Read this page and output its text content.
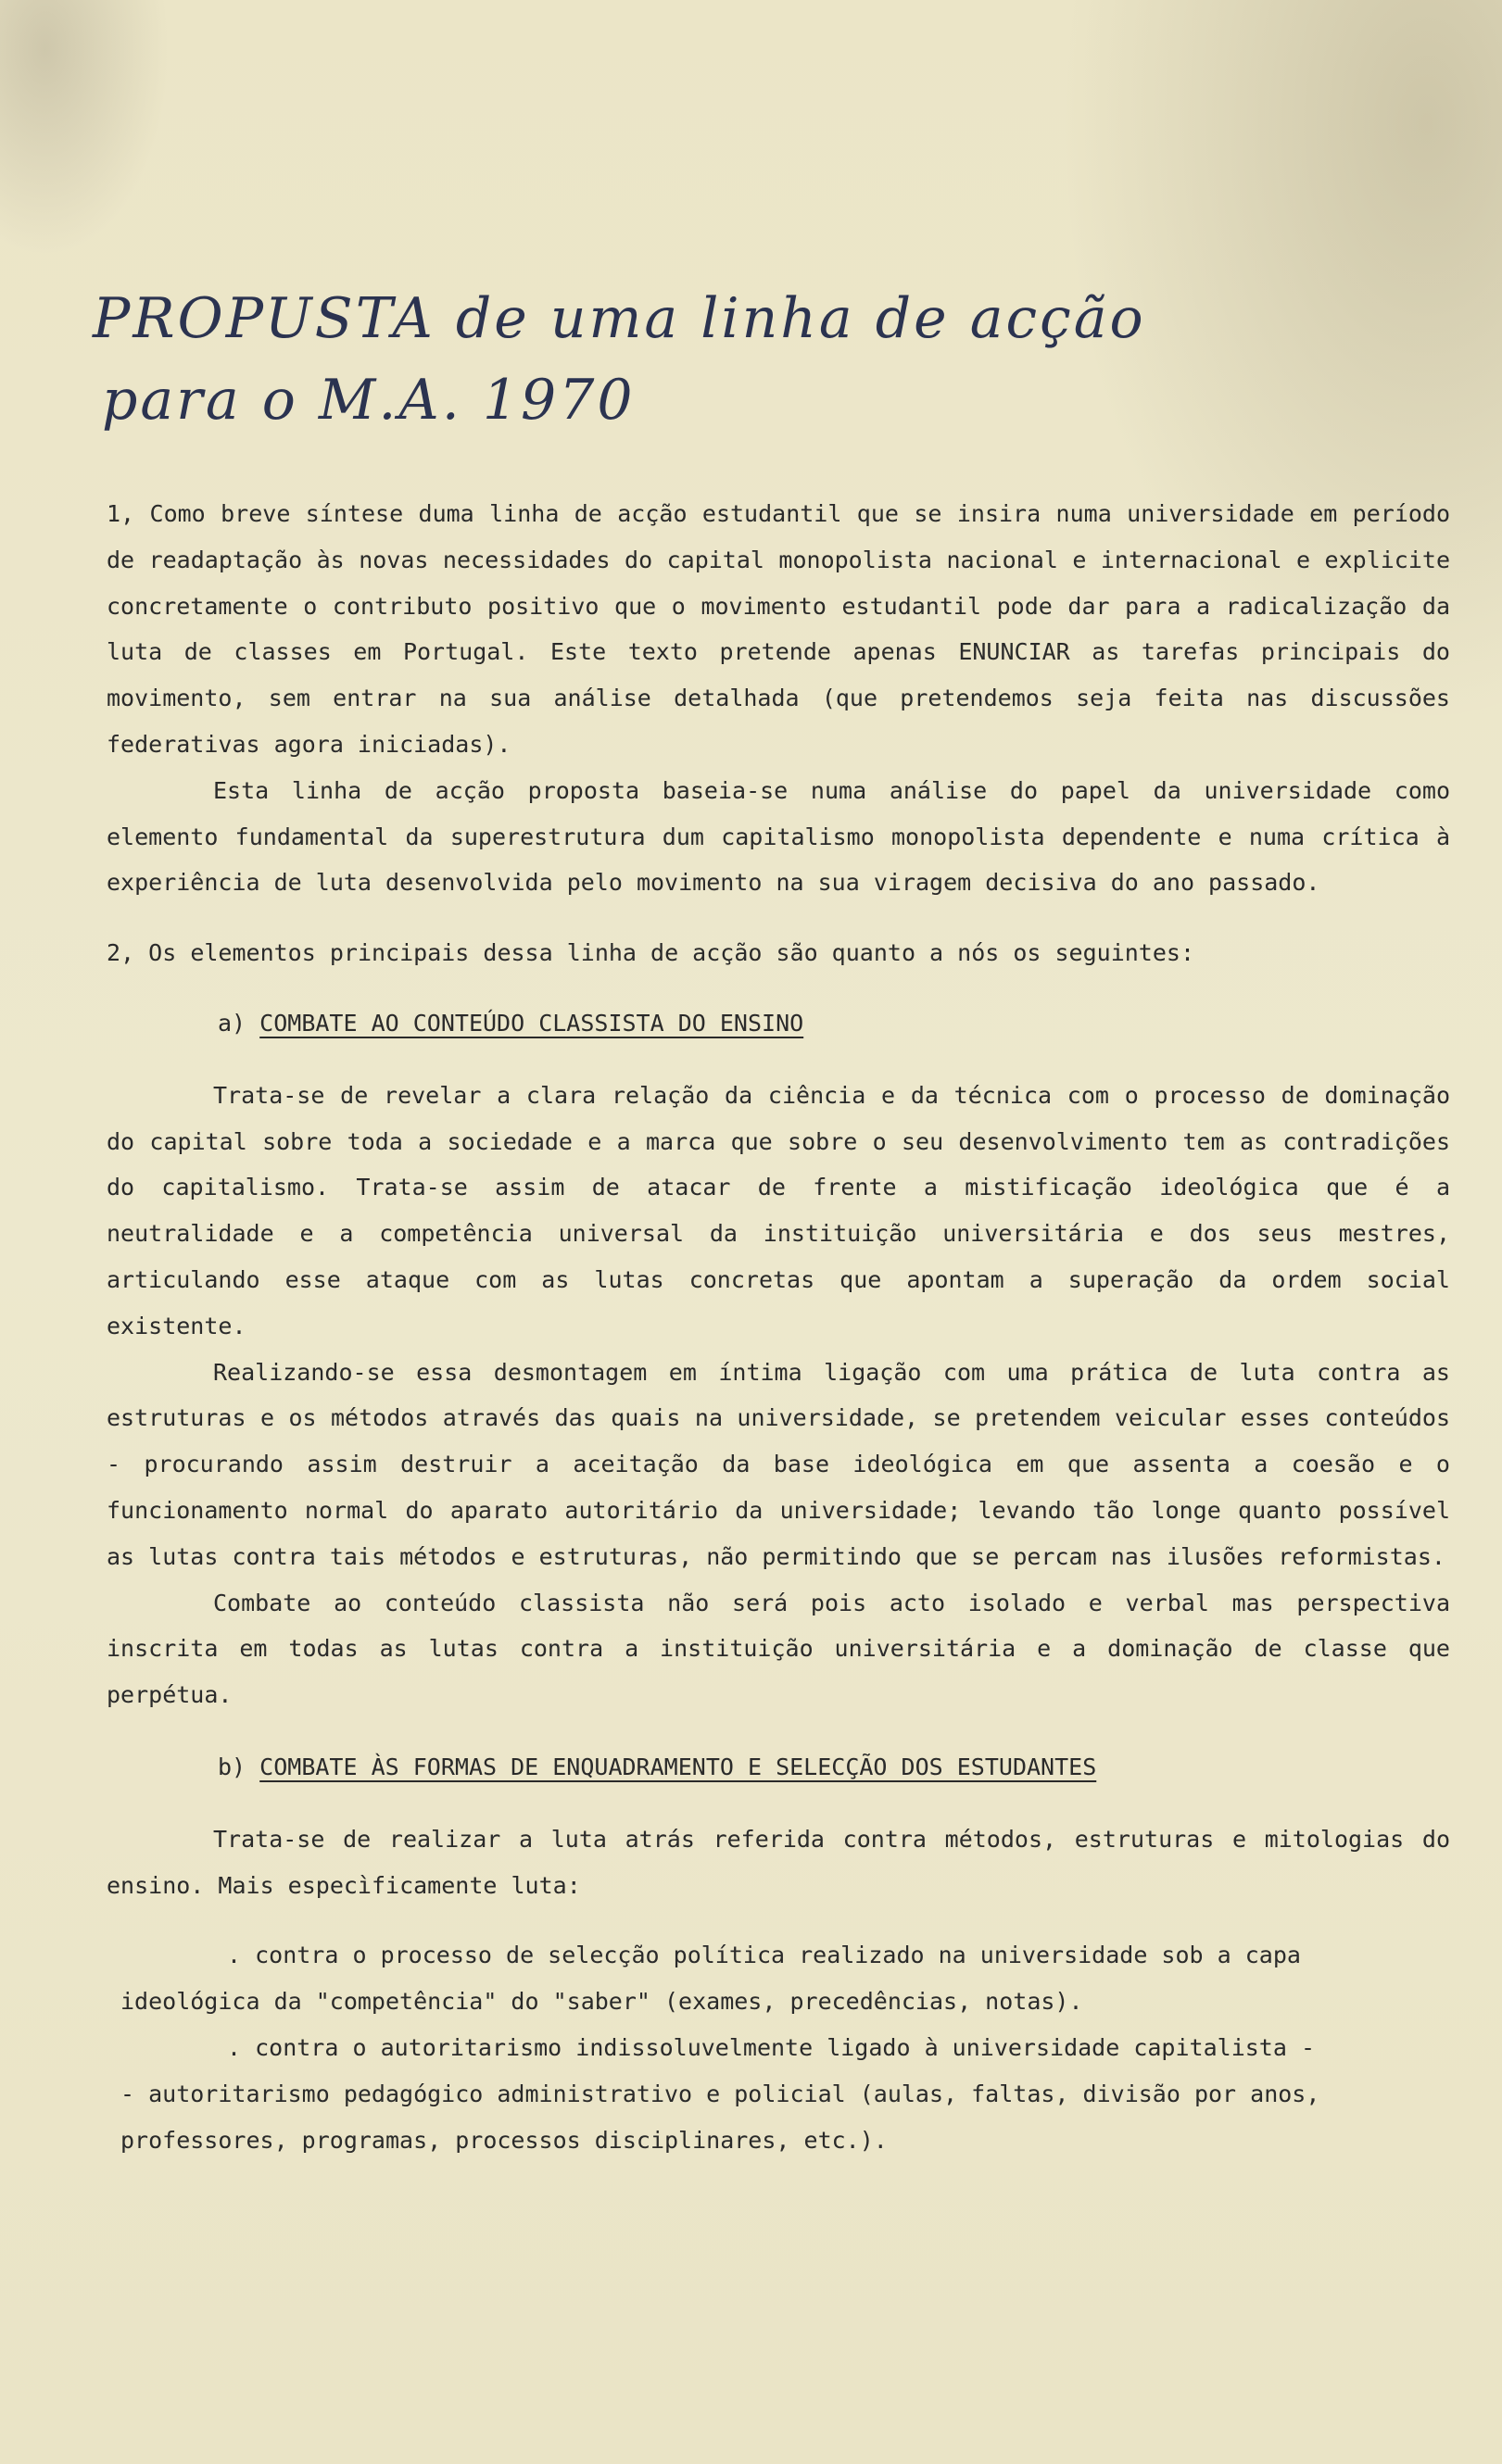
PROPUSTA de uma linha de acção
para o M.A. 1970

1, Como breve síntese duma linha de acção estudantil que se insira numa universidade em período de readaptação às novas necessidades do capital monopolista nacional e internacional e explicite concretamente o contributo positivo que o movimento estudantil pode dar para a radicalização da luta de classes em Portugal. Este texto pretende apenas ENUNCIAR as tarefas principais do movimento, sem entrar na sua análise detalhada (que pretendemos seja feita nas discussões federativas agora iniciadas).

Esta linha de acção proposta baseia-se numa análise do papel da universidade como elemento fundamental da superestrutura dum capitalismo monopolista dependente e numa crítica à experiência de luta desenvolvida pelo movimento na sua viragem decisiva do ano passado.

2, Os elementos principais dessa linha de acção são quanto a nós os seguintes:

a) COMBATE AO CONTEÚDO CLASSISTA DO ENSINO

Trata-se de revelar a clara relação da ciência e da técnica com o processo de dominação do capital sobre toda a sociedade e a marca que sobre o seu desenvolvimento tem as contradições do capitalismo. Trata-se assim de atacar de frente a mistificação ideológica que é a neutralidade e a competência universal da instituição universitária e dos seus mestres, articulando esse ataque com as lutas concretas que apontam a superação da ordem social existente.

Realizando-se essa desmontagem em íntima ligação com uma prática de luta contra as estruturas e os métodos através das quais na universidade, se pretendem veicular esses conteúdos - procurando assim destruir a aceitação da base ideológica em que assenta a coesão e o funcionamento normal do aparato autoritário da universidade; levando tão longe quanto possível as lutas contra tais métodos e estruturas, não permitindo que se percam nas ilusões reformistas.

Combate ao conteúdo classista não será pois acto isolado e verbal mas perspectiva inscrita em todas as lutas contra a instituição universitária e a dominação de classe que perpétua.

b) COMBATE ÀS FORMAS DE ENQUADRAMENTO E SELECÇÃO DOS ESTUDANTES

Trata-se de realizar a luta atrás referida contra métodos, estruturas e mitologias do ensino. Mais especìficamente luta:

. contra o processo de selecção política realizado na universidade sob a capa

ideológica da "competência" do "saber" (exames, precedências, notas).

. contra o autoritarismo indissoluvelmente ligado à universidade capitalista -

- autoritarismo pedagógico administrativo e policial (aulas, faltas, divisão por anos, professores, programas, processos disciplinares, etc.).
